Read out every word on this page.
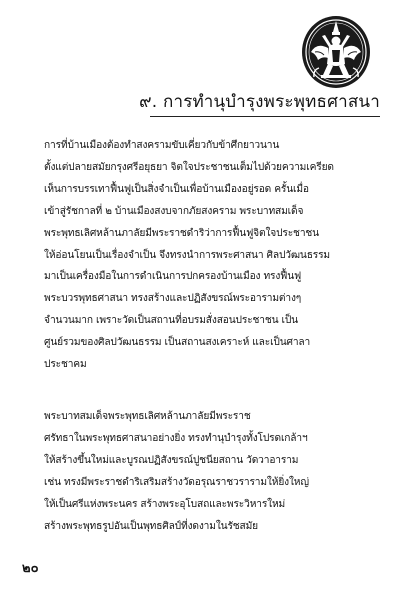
๙. การทำนุบำรุงพระพุทธศาสนา
การที่บ้านเมืองต้องทำสงครามขับเคี่ยวกับข้าศึกยาวนาน
ตั้งแต่ปลายสมัยกรุงศรีอยุธยา จิตใจประชาชนเต็มไปด้วยความเครียด
เห็นการบรรเทาฟื้นฟูเป็นสิ่งจำเป็นเพื่อบ้านเมืองอยู่รอด ครั้นเมื่อ
เข้าสู่รัชกาลที่ ๒ บ้านเมืองสงบจากภัยสงคราม พระบาทสมเด็จ
พระพุทธเลิศหล้านภาลัยมีพระราชดำริว่าการฟื้นฟูจิตใจประชาชน
ให้อ่อนโยนเป็นเรื่องจำเป็น จึงทรงนำการพระศาสนา ศิลปวัฒนธรรม
มาเป็นเครื่องมือในการดำเนินการปกครองบ้านเมือง ทรงฟื้นฟู
พระบวรพุทธศาสนา ทรงสร้างและปฏิสังขรณ์พระอารามต่างๆ
จำนวนมาก เพราะวัดเป็นสถานที่อบรมสั่งสอนประชาชน เป็น
ศูนย์รวมของศิลปวัฒนธรรม เป็นสถานสงเคราะห์ และเป็นศาลา
ประชาคม
พระบาทสมเด็จพระพุทธเลิศหล้านภาลัยมีพระราช
ศรัทธาในพระพุทธศาสนาอย่างยิ่ง ทรงทำนุบำรุงทั้งโปรดเกล้าฯ
ให้สร้างขึ้นใหม่และบูรณปฏิสังขรณ์ปูชนียสถาน วัดวาอาราม
เช่น ทรงมีพระราชดำริเสริมสร้างวัดอรุณราชวรารามให้ยิ่งใหญ่
ให้เป็นศรีแห่งพระนคร สร้างพระอุโบสถและพระวิหารใหม่
สร้างพระพุทธรูปอันเป็นพุทธศิลป์ที่งดงามในรัชสมัย
๒๐
